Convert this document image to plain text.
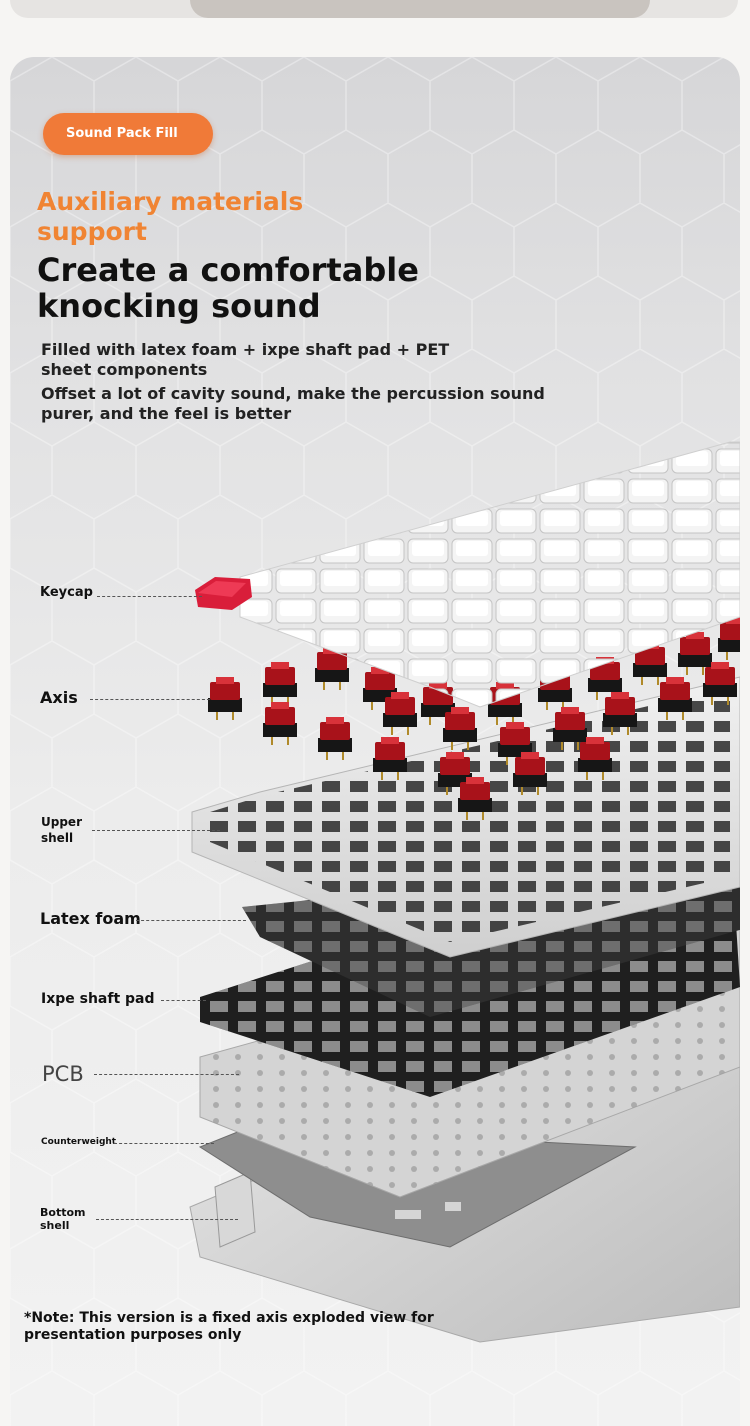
Sound Pack Fill
Auxiliary materials support
Create a comfortable knocking sound
Filled with latex foam + ixpe shaft pad + PET sheet components
Offset a lot of cavity sound, make the percussion sound purer, and the feel is better
Keycap
Axis
Upper shell
Latex foam
Ixpe shaft pad
PCB
Counterweight
Bottom shell
*Note: This version is a fixed axis exploded view for presentation purposes only
